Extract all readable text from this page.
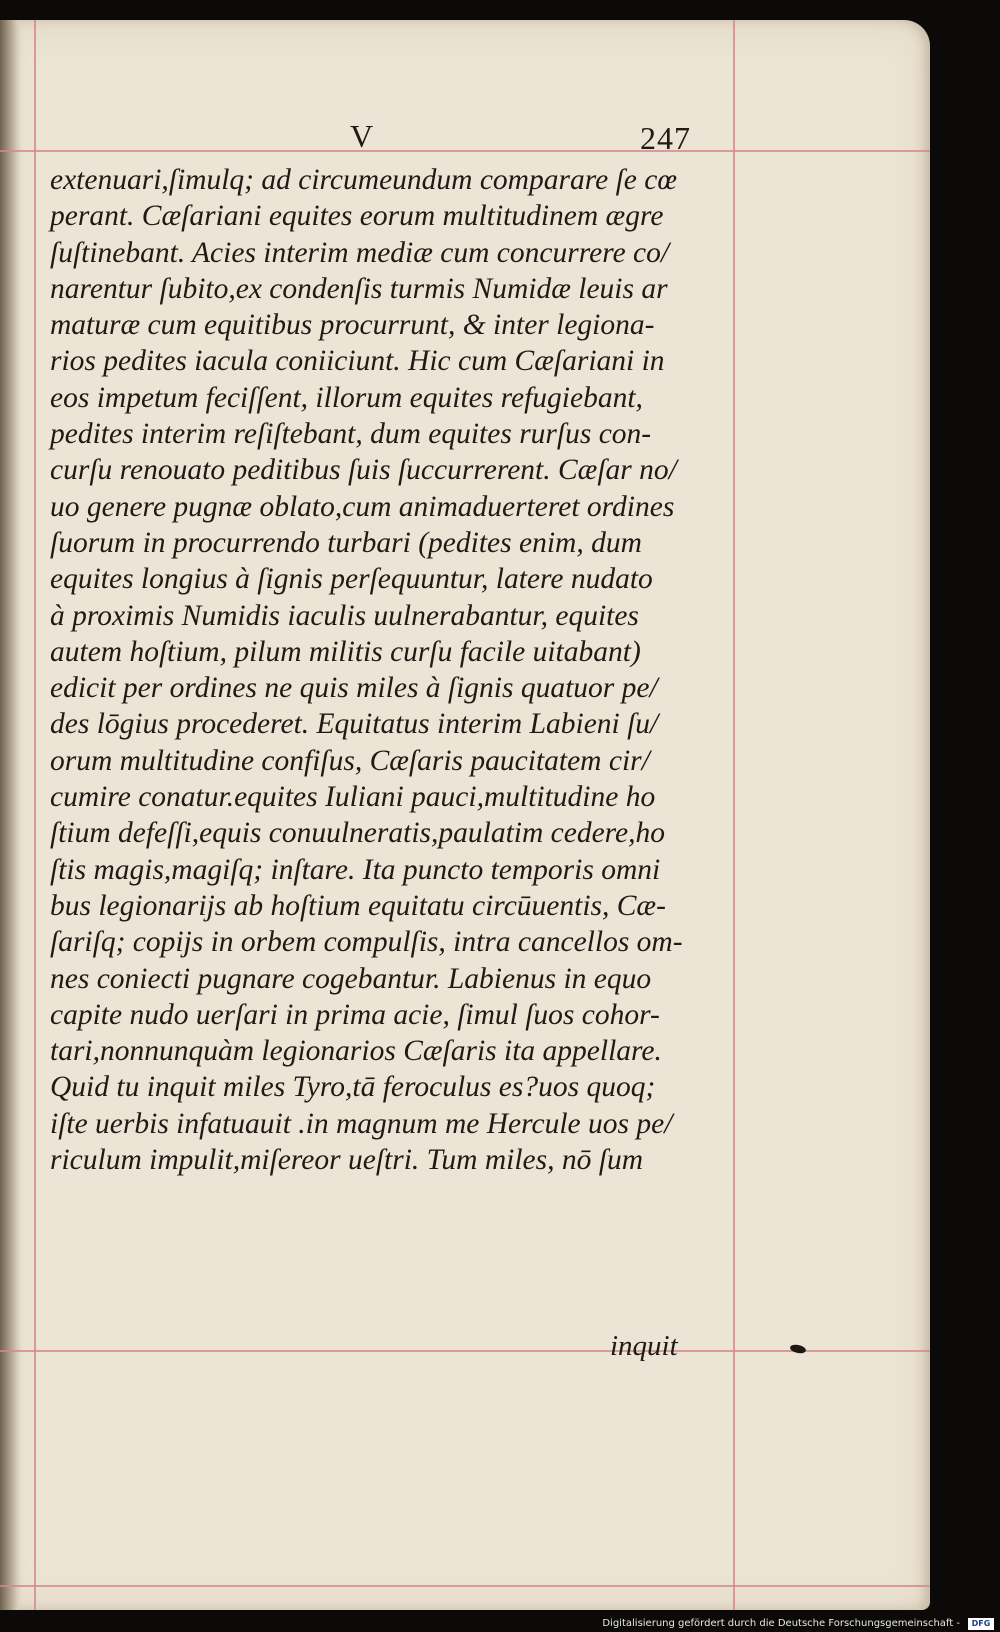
V	247
extenuari,ſimulq; ad circumeundum comparare ſe cœ
perant. Cæſariani equites eorum multitudinem ægre
ſuſtinebant. Acies interim mediæ cum concurrere co/
narentur ſubito,ex condenſis turmis Numidæ leuis ar
maturæ cum equitibus procurrunt, & inter legiona-
rios pedites iacula coniiciunt. Hic cum Cæſariani in
eos impetum feciſſent, illorum equites refugiebant,
pedites interim reſiſtebant, dum equites rurſus con-
curſu renouato peditibus ſuis ſuccurrerent. Cæſar no/
uo genere pugnæ oblato,cum animaduerteret ordines
ſuorum in procurrendo turbari (pedites enim, dum
equites longius à ſignis perſequuntur, latere nudato
à proximis Numidis iaculis uulnerabantur, equites
autem hoſtium, pilum militis curſu facile uitabant)
edicit per ordines ne quis miles à ſignis quatuor pe/
des lōgius procederet. Equitatus interim Labieni ſu/
orum multitudine confiſus, Cæſaris paucitatem cir/
cumire conatur.equites Iuliani pauci,multitudine ho
ſtium defeſſi,equis conuulneratis,paulatim cedere,ho
ſtis magis,magiſq; inſtare. Ita puncto temporis omni
bus legionarijs ab hoſtium equitatu circūuentis, Cæ-
ſariſq; copijs in orbem compulſis, intra cancellos om-
nes coniecti pugnare cogebantur. Labienus in equo
capite nudo uerſari in prima acie, ſimul ſuos cohor-
tari,nonnunquàm legionarios Cæſaris ita appellare.
Quid tu inquit miles Tyro,tā feroculus es?uos quoq;
iſte uerbis infatuauit .in magnum me Hercule uos pe/
riculum impulit,miſereor ueſtri. Tum miles, nō ſum
inquit
Digitalisierung gefördert durch die Deutsche Forschungsgemeinschaft -	DFG
